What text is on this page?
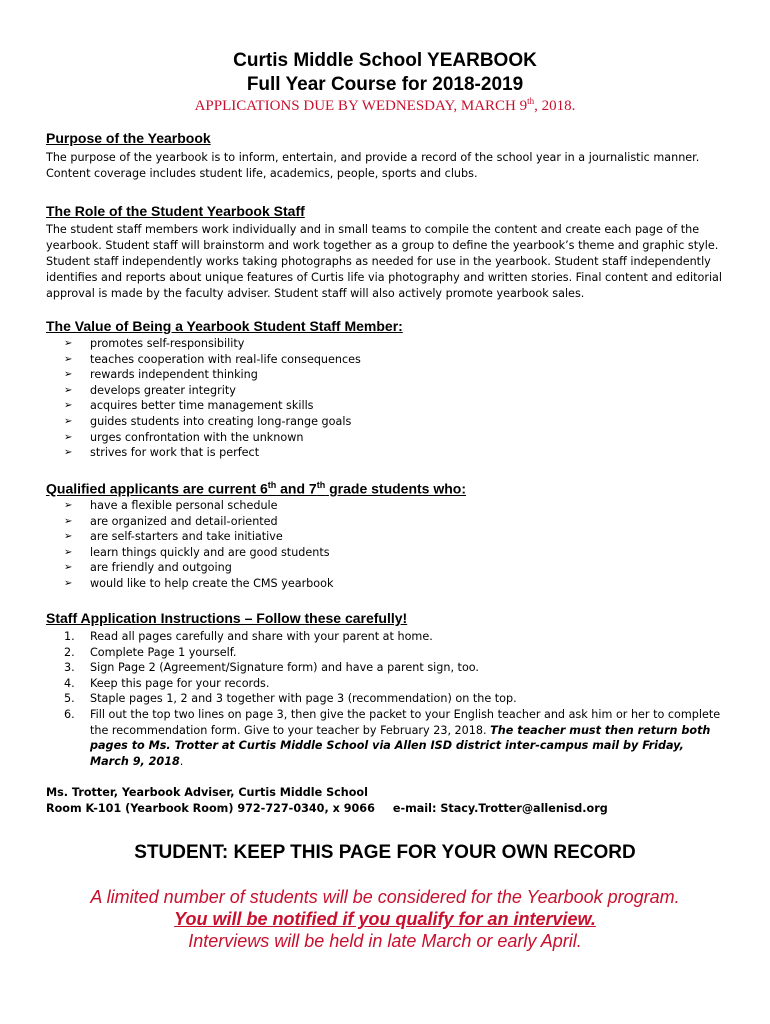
Curtis Middle School YEARBOOK
Full Year Course for 2018-2019
APPLICATIONS DUE BY WEDNESDAY, MARCH 9th, 2018.
Purpose of the Yearbook
The purpose of the yearbook is to inform, entertain, and provide a record of the school year in a journalistic manner. Content coverage includes student life, academics, people, sports and clubs.
The Role of the Student Yearbook Staff
The student staff members work individually and in small teams to compile the content and create each page of the yearbook. Student staff will brainstorm and work together as a group to define the yearbook’s theme and graphic style. Student staff independently works taking photographs as needed for use in the yearbook. Student staff independently identifies and reports about unique features of Curtis life via photography and written stories. Final content and editorial approval is made by the faculty adviser. Student staff will also actively promote yearbook sales.
The Value of Being a Yearbook Student Staff Member:
➢ promotes self-responsibility
➢ teaches cooperation with real-life consequences
➢ rewards independent thinking
➢ develops greater integrity
➢ acquires better time management skills
➢ guides students into creating long-range goals
➢ urges confrontation with the unknown
➢ strives for work that is perfect
Qualified applicants are current 6th and 7th grade students who:
➢ have a flexible personal schedule
➢ are organized and detail-oriented
➢ are self-starters and take initiative
➢ learn things quickly and are good students
➢ are friendly and outgoing
➢ would like to help create the CMS yearbook
Staff Application Instructions – Follow these carefully!
1. Read all pages carefully and share with your parent at home.
2. Complete Page 1 yourself.
3. Sign Page 2 (Agreement/Signature form) and have a parent sign, too.
4. Keep this page for your records.
5. Staple pages 1, 2 and 3 together with page 3 (recommendation) on the top.
6. Fill out the top two lines on page 3, then give the packet to your English teacher and ask him or her to complete the recommendation form. Give to your teacher by February 23, 2018. The teacher must then return both pages to Ms. Trotter at Curtis Middle School via Allen ISD district inter-campus mail by Friday, March 9, 2018.
Ms. Trotter, Yearbook Adviser, Curtis Middle School
Room K-101 (Yearbook Room) 972-727-0340, x 9066 e-mail: Stacy.Trotter@allenisd.org
STUDENT: KEEP THIS PAGE FOR YOUR OWN RECORD
A limited number of students will be considered for the Yearbook program.
You will be notified if you qualify for an interview.
Interviews will be held in late March or early April.
